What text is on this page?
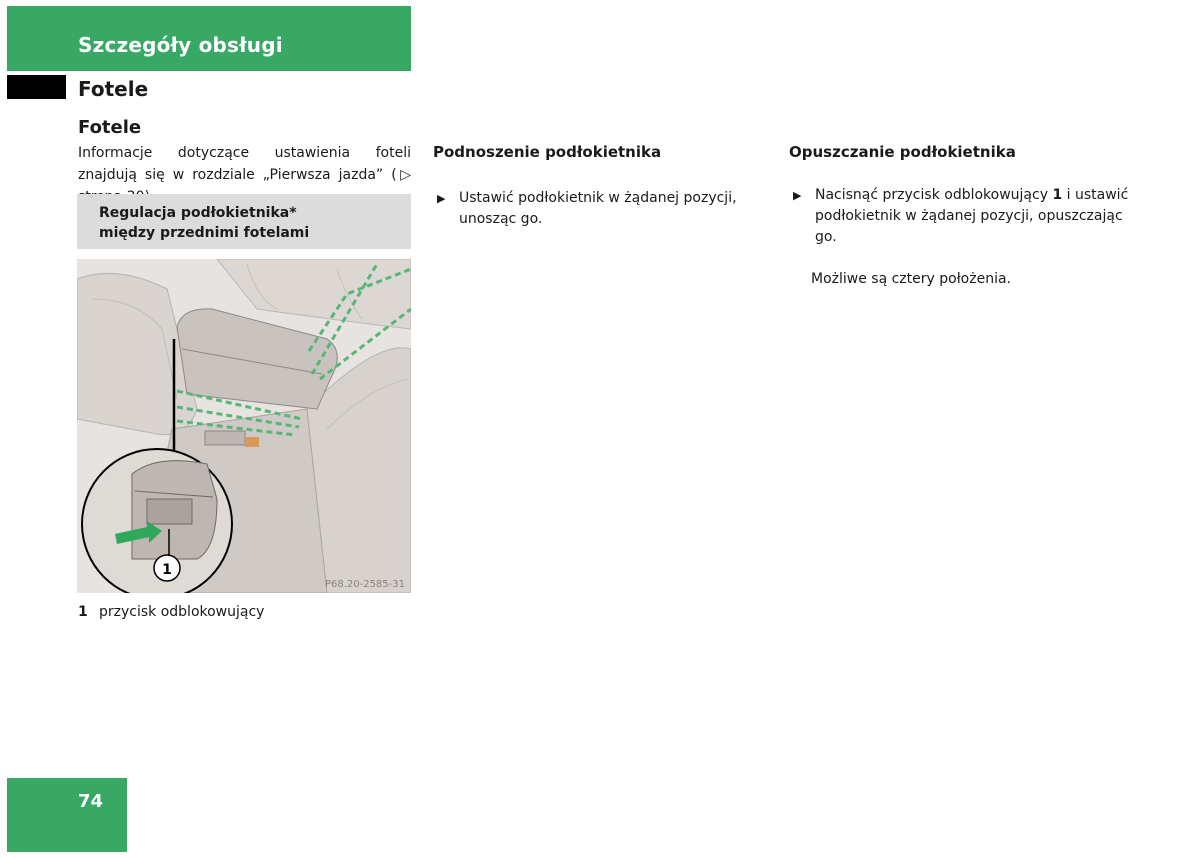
Szczegóły obsługi
Fotele
Fotele
Informacje dotyczące ustawienia foteli znajdują się w rozdziale „Pierwsza jazda” (▷
Regulacja podłokietnika*
między przednimi fotelami
1
P68.20-2585-31
1 przycisk odblokowujący
Podnoszenie podłokietnika
▶ Ustawić podłokietnik w żądanej pozycji, unosząc go.
Opuszczanie podłokietnika
▶ Nacisnąć przycisk odblokowujący 1 i ustawić podłokietnik w żądanej pozycji, opuszczając go.
Możliwe są cztery położenia.
74
